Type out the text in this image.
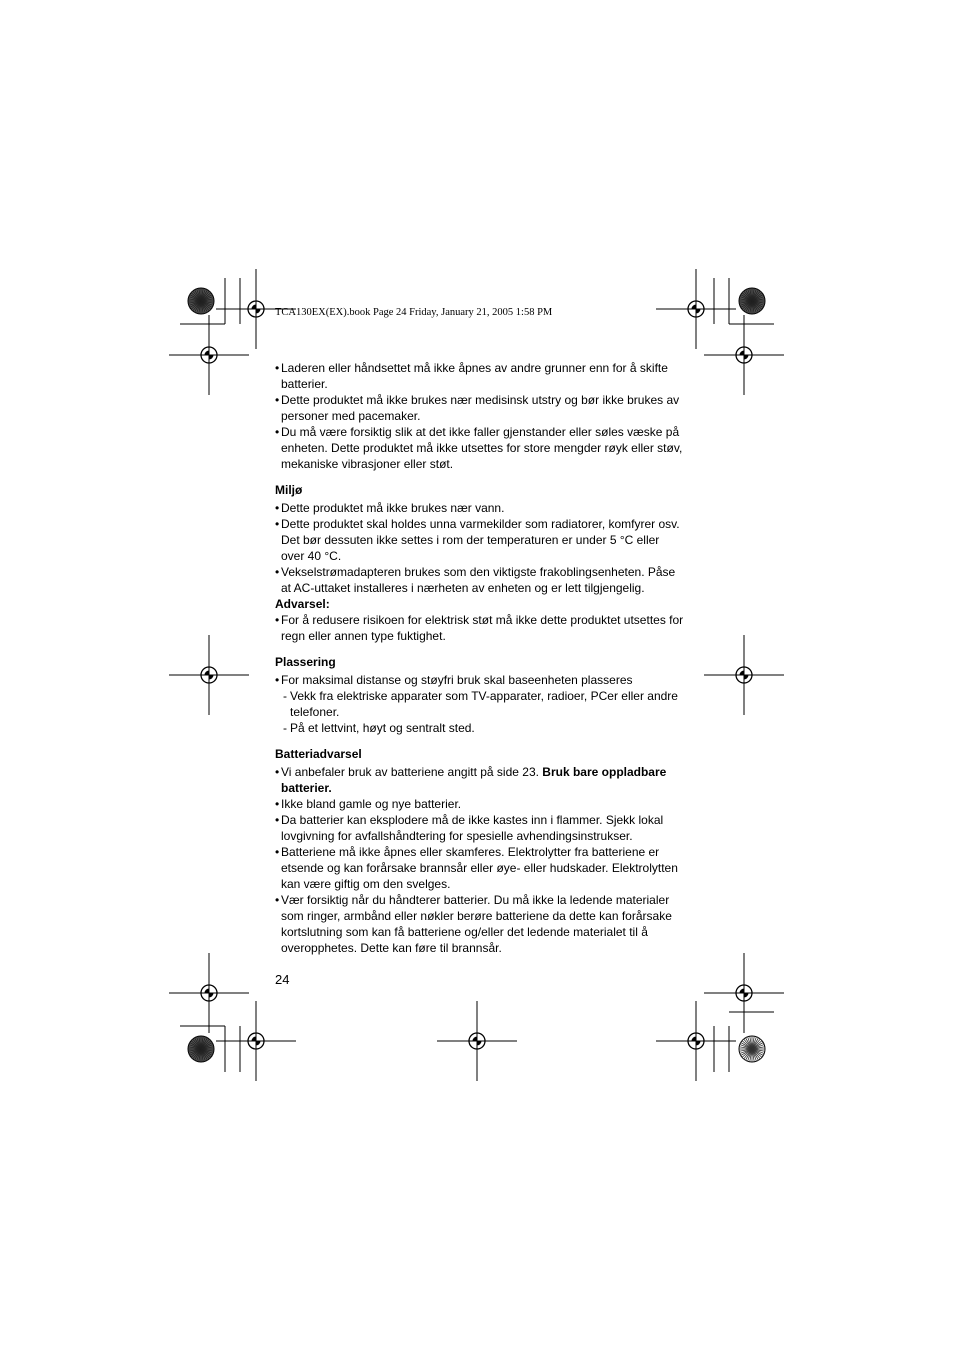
TCA130EX(EX).book Page 24 Friday, January 21, 2005 1:58 PM
• Laderen eller håndsettet må ikke åpnes av andre grunner enn for å skifte batterier.
• Dette produktet må ikke brukes nær medisinsk utstry og bør ikke brukes av personer med pacemaker.
• Du må være forsiktig slik at det ikke faller gjenstander eller søles væske på enheten. Dette produktet må ikke utsettes for store mengder røyk eller støv, mekaniske vibrasjoner eller støt.
Miljø
• Dette produktet må ikke brukes nær vann.
• Dette produktet skal holdes unna varmekilder som radiatorer, komfyrer osv. Det bør dessuten ikke settes i rom der temperaturen er under 5 °C eller over 40 °C.
• Vekselstrømadapteren brukes som den viktigste frakoblingsenheten. Påse at AC-uttaket installeres i nærheten av enheten og er lett tilgjengelig.
Advarsel:
• For å redusere risikoen for elektrisk støt må ikke dette produktet utsettes for regn eller annen type fuktighet.
Plassering
• For maksimal distanse og støyfri bruk skal baseenheten plasseres
- Vekk fra elektriske apparater som TV-apparater, radioer, PCer eller andre telefoner.
- På et lettvint, høyt og sentralt sted.
Batteriadvarsel
• Vi anbefaler bruk av batteriene angitt på side 23. Bruk bare oppladbare batterier.
• Ikke bland gamle og nye batterier.
• Da batterier kan eksplodere må de ikke kastes inn i flammer. Sjekk lokal lovgivning for avfallshåndtering for spesielle avhendingsinstrukser.
• Batteriene må ikke åpnes eller skamferes. Elektrolytter fra batteriene er etsende og kan forårsake brannsår eller øye- eller hudskader. Elektrolytten kan være giftig om den svelges.
• Vær forsiktig når du håndterer batterier. Du må ikke la ledende materialer som ringer, armbånd eller nøkler berøre batteriene da dette kan forårsake kortslutning som kan få batteriene og/eller det ledende materialet til å overopphetes. Dette kan føre til brannsår.
24
